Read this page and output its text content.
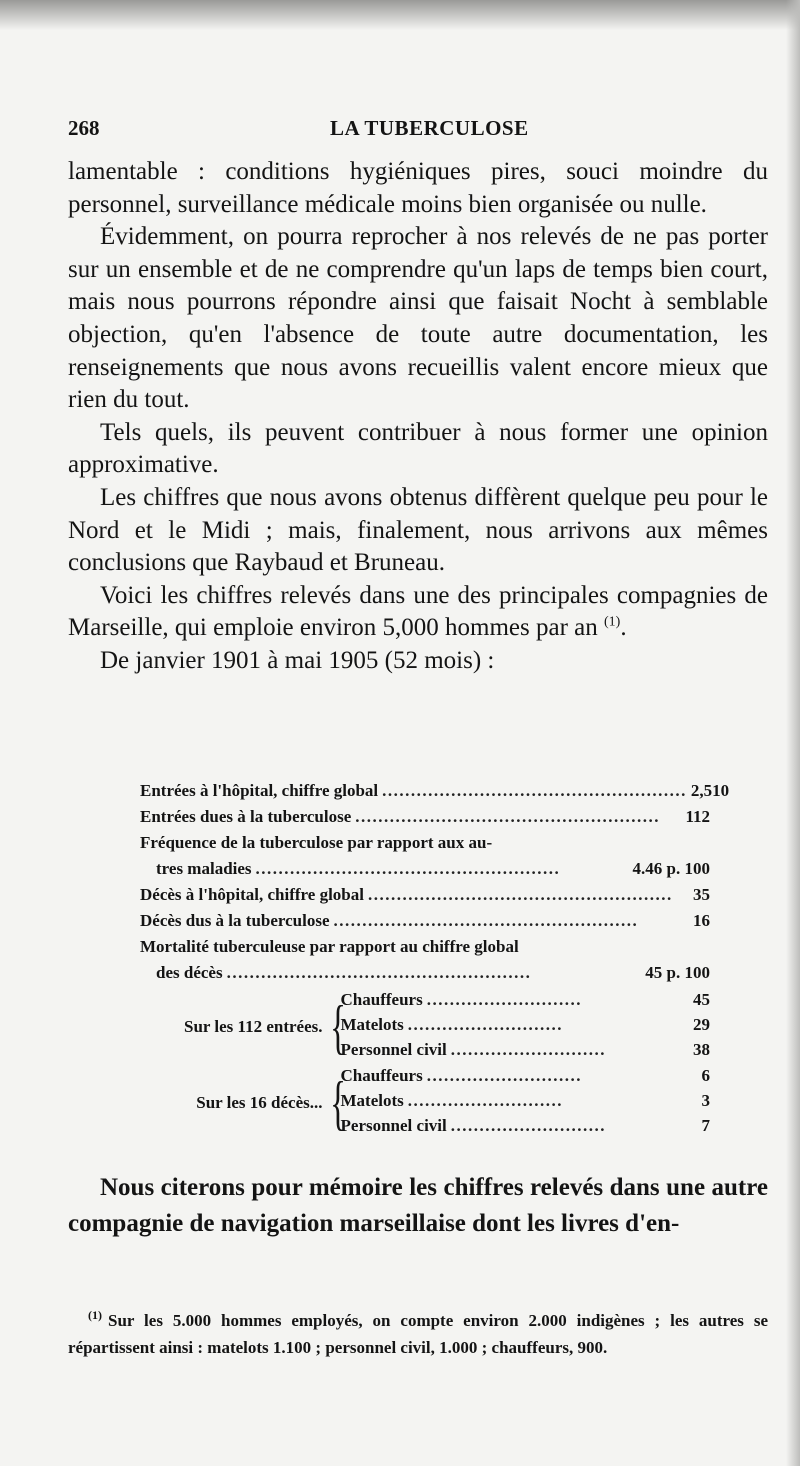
268	LA TUBERCULOSE

lamentable : conditions hygiéniques pires, souci moindre du personnel, surveillance médicale moins bien organisée ou nulle.

Évidemment, on pourra reprocher à nos relevés de ne pas porter sur un ensemble et de ne comprendre qu'un laps de temps bien court, mais nous pourrons répondre ainsi que faisait Nocht à semblable objection, qu'en l'absence de toute autre documentation, les renseignements que nous avons recueillis valent encore mieux que rien du tout.

Tels quels, ils peuvent contribuer à nous former une opinion approximative.

Les chiffres que nous avons obtenus diffèrent quelque peu pour le Nord et le Midi ; mais, finalement, nous arrivons aux mêmes conclusions que Raybaud et Bruneau.

Voici les chiffres relevés dans une des principales compagnies de Marseille, qui emploie environ 5,000 hommes par an $^{(1)}$.

De janvier 1901 à mai 1905 (52 mois) :

Entrées à l'hôpital, chiffre global ..................................................... 2,510
Entrées dues à la tuberculose .....................................................	112
Fréquence de la tuberculose par rapport aux au-
tres maladies .....................................................	4.46 p. 100
Décès à l'hôpital, chiffre global .....................................................	35
Décès dus à la tuberculose .....................................................	16
Mortalité tuberculeuse par rapport au chiffre global
des décès .....................................................	45 p. 100
Sur les 112 entrées. {
Chauffeurs ...........................	45
Matelots ...........................	29
Personnel civil ...........................	38
Sur les 16 décès... {
Chauffeurs ...........................	6
Matelots ...........................	3
Personnel civil ...........................	7

Nous citerons pour mémoire les chiffres relevés dans une autre compagnie de navigation marseillaise dont les livres d'en-

$^{(1)}$ Sur les 5.000 hommes employés, on compte environ 2.000 indigènes ; les autres se répartissent ainsi : matelots 1.100 ; personnel civil, 1.000 ; chauffeurs, 900.
